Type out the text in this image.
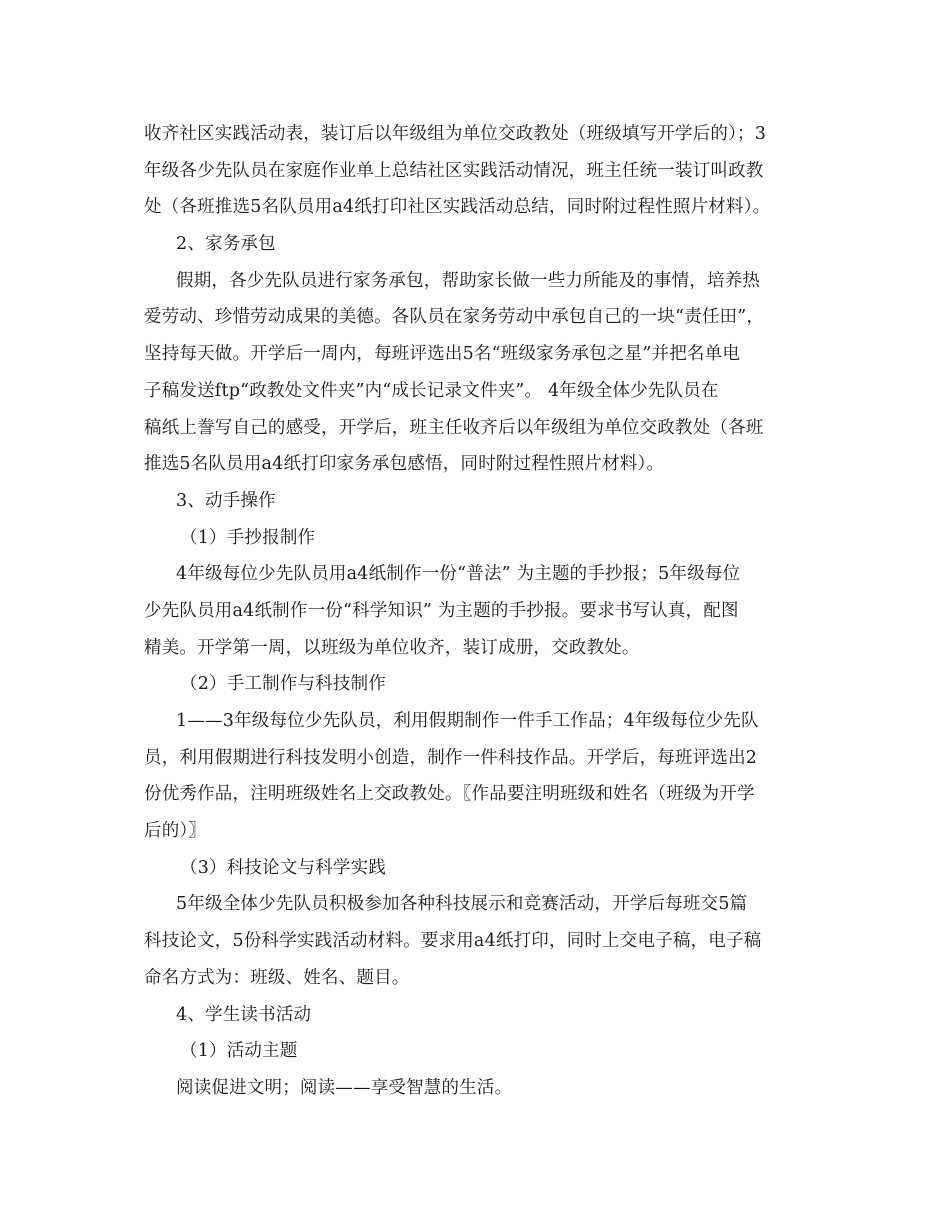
收齐社区实践活动表，装订后以年级组为单位交政教处（班级填写开学后的）；3
年级各少先队员在家庭作业单上总结社区实践活动情况，班主任统一装订叫政教
处（各班推选5名队员用a4纸打印社区实践活动总结，同时附过程性照片材料）。
2、家务承包
假期，各少先队员进行家务承包，帮助家长做一些力所能及的事情，培养热
爱劳动、珍惜劳动成果的美德。各队员在家务劳动中承包自己的一块“责任田”，
坚持每天做。开学后一周内，每班评选出5名“班级家务承包之星”并把名单电
子稿发送ftp“政教处文件夹”内“成长记录文件夹”。 4年级全体少先队员在
稿纸上誊写自己的感受，开学后，班主任收齐后以年级组为单位交政教处（各班
推选5名队员用a4纸打印家务承包感悟，同时附过程性照片材料）。
3、动手操作
（1）手抄报制作
4年级每位少先队员用a4纸制作一份“普法” 为主题的手抄报；5年级每位
少先队员用a4纸制作一份“科学知识” 为主题的手抄报。要求书写认真，配图
精美。开学第一周，以班级为单位收齐，装订成册，交政教处。
（2）手工制作与科技制作
1——3年级每位少先队员，利用假期制作一件手工作品；4年级每位少先队
员，利用假期进行科技发明小创造，制作一件科技作品。开学后，每班评选出2
份优秀作品，注明班级姓名上交政教处。〖作品要注明班级和姓名（班级为开学
后的）〗
（3）科技论文与科学实践
5年级全体少先队员积极参加各种科技展示和竞赛活动，开学后每班交5篇
科技论文，5份科学实践活动材料。要求用a4纸打印，同时上交电子稿，电子稿
命名方式为：班级、姓名、题目。
4、学生读书活动
（1）活动主题
阅读促进文明；阅读——享受智慧的生活。
